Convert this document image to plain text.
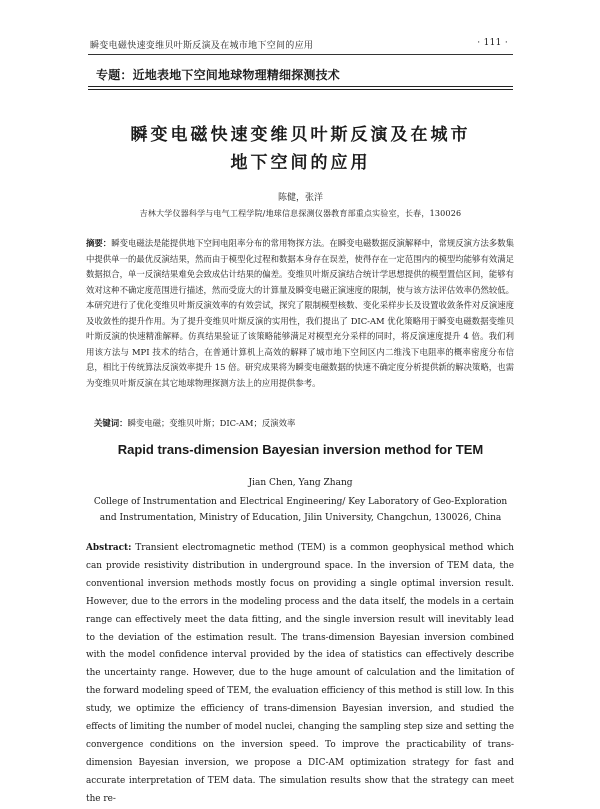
瞬变电磁快速变维贝叶斯反演及在城市地下空间的应用	· 111 ·
专题：近地表地下空间地球物理精细探测技术
瞬变电磁快速变维贝叶斯反演及在城市
地下空间的应用
陈健，张洋
吉林大学仪器科学与电气工程学院/地球信息探测仪器教育部重点实验室，长春，130026
摘要：瞬变电磁法是能提供地下空间电阻率分布的常用物探方法。在瞬变电磁数据反演解释中，常规反演方法多数集中提供单一的最优反演结果，然而由于模型化过程和数据本身存在误差，使得存在一定范围内的模型均能够有效满足数据拟合，单一反演结果难免会致成估计结果的偏差。变维贝叶斯反演结合统计学思想提供的模型置信区间，能够有效对这种不确定度范围进行描述，然而受庞大的计算量及瞬变电磁正演速度的限制，使与该方法评估效率仍然较低。本研究进行了优化变维贝叶斯反演效率的有效尝试，探究了限制模型核数、变化采样步长及设置收敛条件对反演速度及收敛性的提升作用。为了提升变维贝叶斯反演的实用性，我们提出了 DIC-AM 优化策略用于瞬变电磁数据变维贝叶斯反演的快速精准解释。仿真结果验证了该策略能够满足对模型充分采样的同时，将反演速度提升 4 倍。我们利用该方法与 MPI 技术的结合，在普通计算机上高效的解释了城市地下空间区内二维浅下电阻率的概率密度分布信息，相比于传统算法反演效率提升 15 倍。研究成果将为瞬变电磁数据的快速不确定度分析提供新的解决策略，也需为变维贝叶斯反演在其它地球物理探测方法上的应用提供参考。
关键词：瞬变电磁；变维贝叶斯；DIC-AM；反演效率
Rapid trans-dimension Bayesian inversion method for TEM
Jian Chen, Yang Zhang
College of Instrumentation and Electrical Engineering/ Key Laboratory of Geo-Exploration
and Instrumentation, Ministry of Education, Jilin University, Changchun, 130026, China
Abstract: Transient electromagnetic method (TEM) is a common geophysical method which can provide resistivity distribution in underground space. In the inversion of TEM data, the conventional inversion methods mostly focus on providing a single optimal inversion result. However, due to the errors in the modeling process and the data itself, the models in a certain range can effectively meet the data fitting, and the single inversion result will inevitably lead to the deviation of the estimation result. The trans-dimension Bayesian inversion combined with the model confidence interval provided by the idea of statistics can effectively describe the uncertainty range. However, due to the huge amount of calculation and the limitation of the forward modeling speed of TEM, the evaluation efficiency of this method is still low. In this study, we optimize the efficiency of trans-dimension Bayesian inversion, and studied the effects of limiting the number of model nuclei, changing the sampling step size and setting the convergence conditions on the inversion speed. To improve the practicability of trans-dimension Bayesian inversion, we propose a DIC-AM optimization strategy for fast and accurate interpretation of TEM data. The simulation results show that the strategy can meet the re-
